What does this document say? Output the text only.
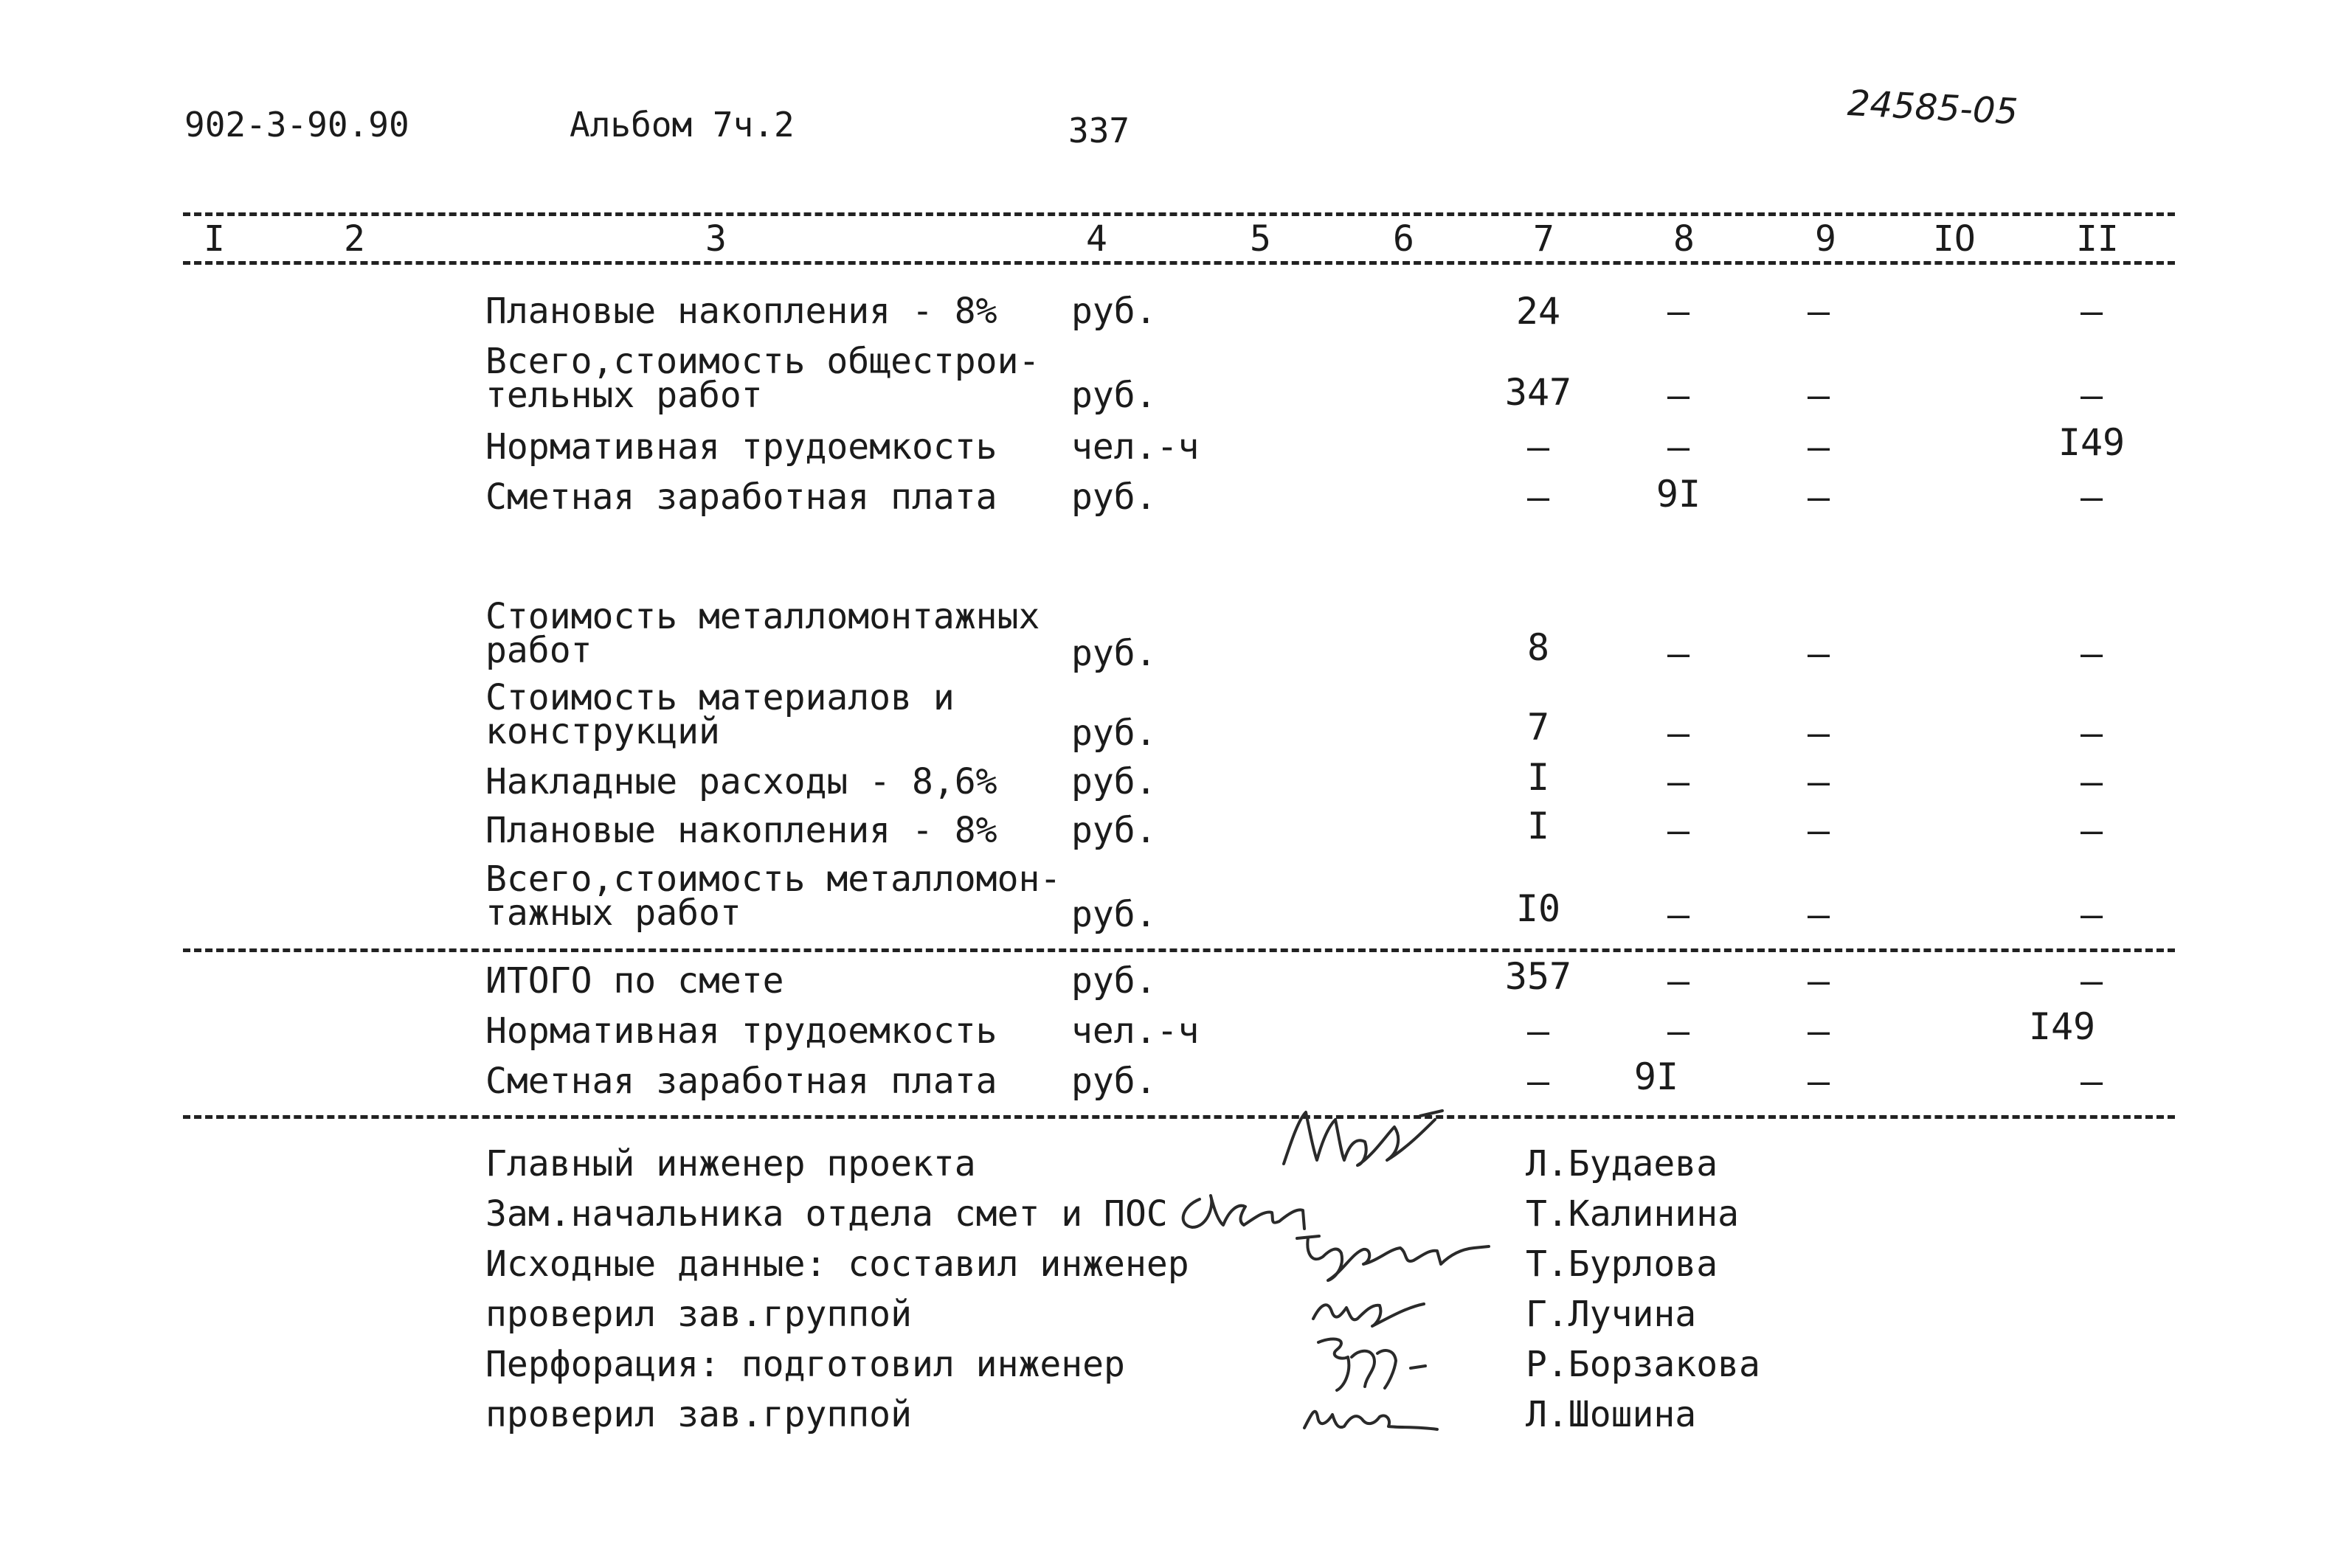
902-3-90.90	Альбом 7ч.2	337	24585-05
I	2	3	4	5	6	7	8	9	IO	II
Плановые накопления - 8% руб.	24	–	–	–
Всего,стоимость общестрои-
тельных работ	руб.	347	–	–	–
Нормативная трудоемкость чел.-ч	–	–	–	I49
Сметная заработная плата руб.	–	9I	–	–
Стоимость металломонтажных
работ	руб.	8	–	–	–
Стоимость материалов и
конструкций	руб.	7	–	–	–
Накладные расходы - 8,6% руб.	I	–	–	–
Плановые накопления - 8% руб.	I	–	–	–
Всего,стоимость металломон-
тажных работ	руб.	I0	–	–	–
ИТОГО по смете	руб.	357	–	–	–
Нормативная трудоемкость чел.-ч	–	–	–	I49
Сметная заработная плата руб.	–	9I	–	–
Главный инженер проекта	Л.Будаева
Зам.начальника отдела смет и ПОС	Т.Калинина
Исходные данные: составил инженер	Т.Бурлова
проверил зав.группой	Г.Лучина
Перфорация: подготовил инженер	Р.Борзакова
проверил зав.группой	Л.Шошина
